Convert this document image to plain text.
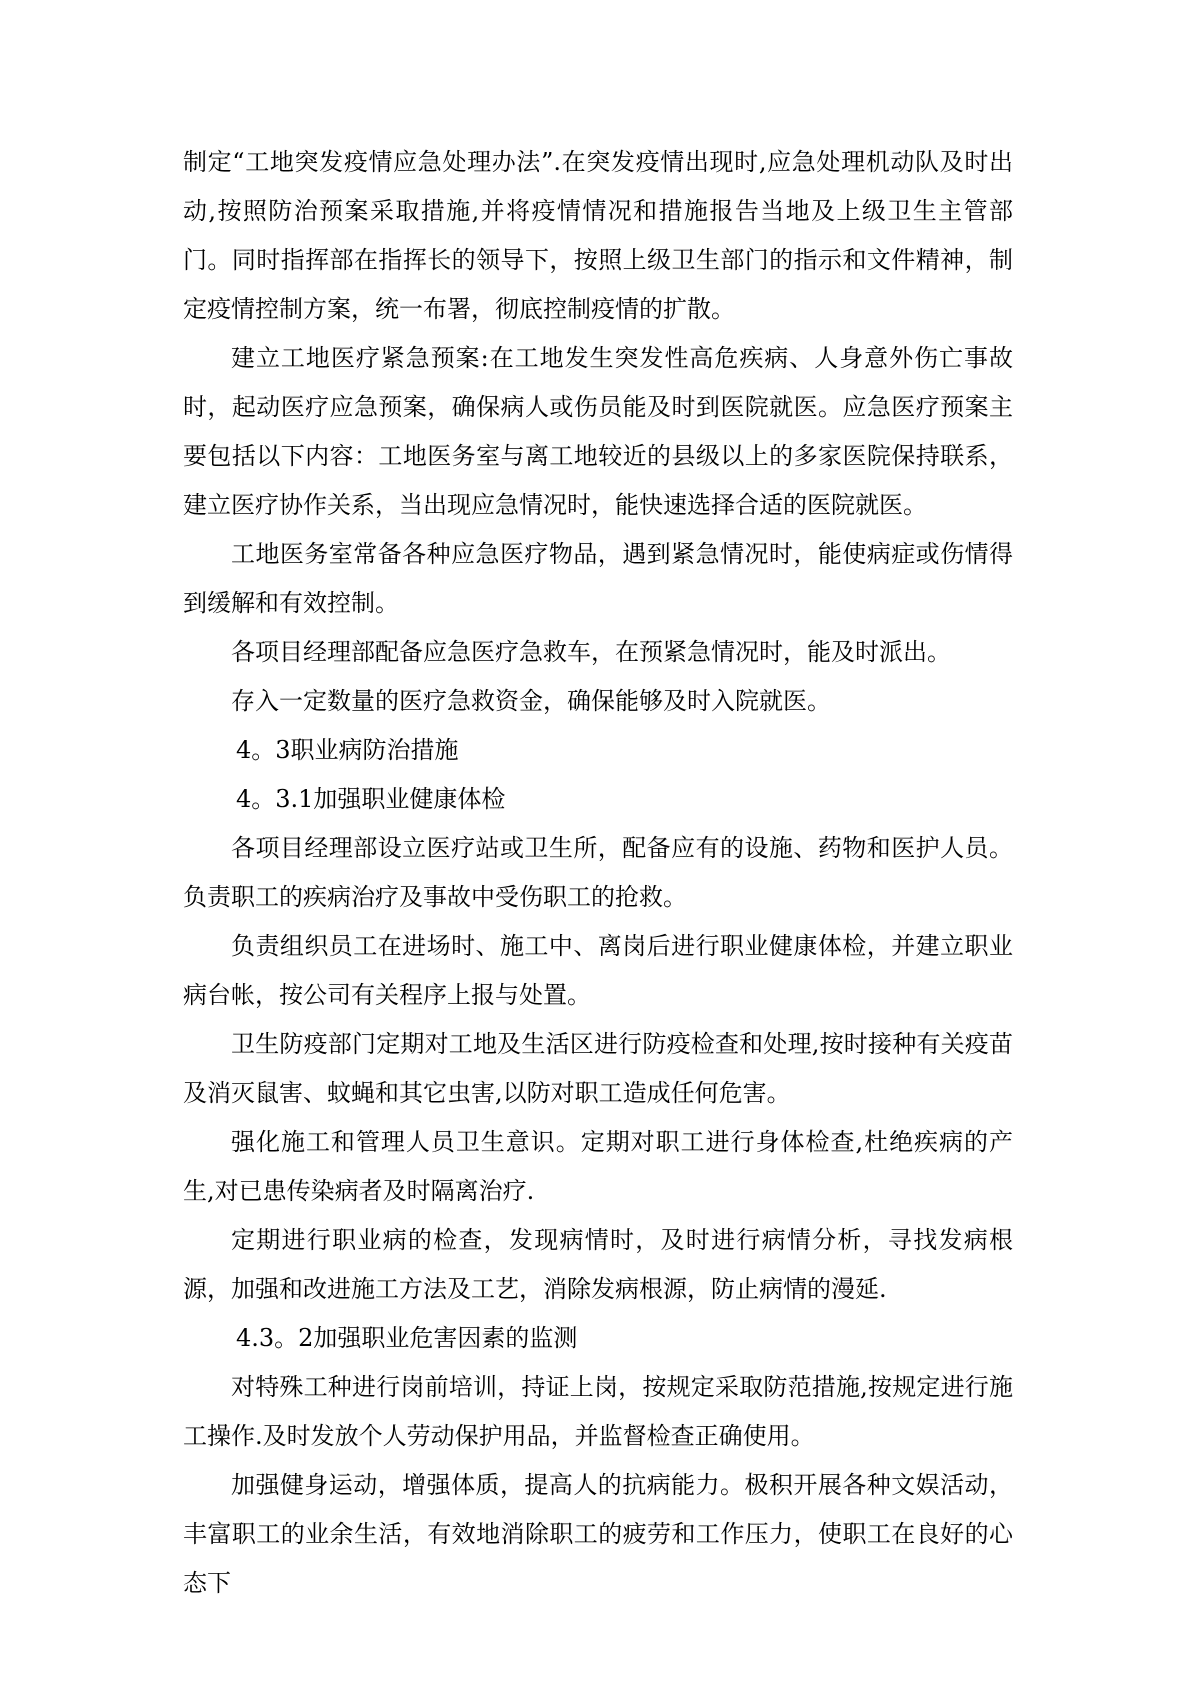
制定“工地突发疫情应急处理办法”.在突发疫情出现时,应急处理机动队及时出动,按照防治预案采取措施,并将疫情情况和措施报告当地及上级卫生主管部门。同时指挥部在指挥长的领导下，按照上级卫生部门的指示和文件精神，制定疫情控制方案，统一布署，彻底控制疫情的扩散。

建立工地医疗紧急预案:在工地发生突发性高危疾病、人身意外伤亡事故时，起动医疗应急预案，确保病人或伤员能及时到医院就医。应急医疗预案主要包括以下内容：工地医务室与离工地较近的县级以上的多家医院保持联系，建立医疗协作关系，当出现应急情况时，能快速选择合适的医院就医。

工地医务室常备各种应急医疗物品，遇到紧急情况时，能使病症或伤情得到缓解和有效控制。

各项目经理部配备应急医疗急救车，在预紧急情况时，能及时派出。

存入一定数量的医疗急救资金，确保能够及时入院就医。

4。3职业病防治措施

4。3.1加强职业健康体检

各项目经理部设立医疗站或卫生所，配备应有的设施、药物和医护人员。负责职工的疾病治疗及事故中受伤职工的抢救。

负责组织员工在进场时、施工中、离岗后进行职业健康体检，并建立职业病台帐，按公司有关程序上报与处置。

卫生防疫部门定期对工地及生活区进行防疫检查和处理,按时接种有关疫苗及消灭鼠害、蚊蝇和其它虫害,以防对职工造成任何危害。

强化施工和管理人员卫生意识。定期对职工进行身体检查,杜绝疾病的产生,对已患传染病者及时隔离治疗.

定期进行职业病的检查，发现病情时，及时进行病情分析，寻找发病根源，加强和改进施工方法及工艺，消除发病根源，防止病情的漫延.

4.3。2加强职业危害因素的监测

对特殊工种进行岗前培训，持证上岗，按规定采取防范措施,按规定进行施工操作.及时发放个人劳动保护用品，并监督检查正确使用。

加强健身运动，增强体质，提高人的抗病能力。极积开展各种文娱活动，丰富职工的业余生活，有效地消除职工的疲劳和工作压力，使职工在良好的心态下
